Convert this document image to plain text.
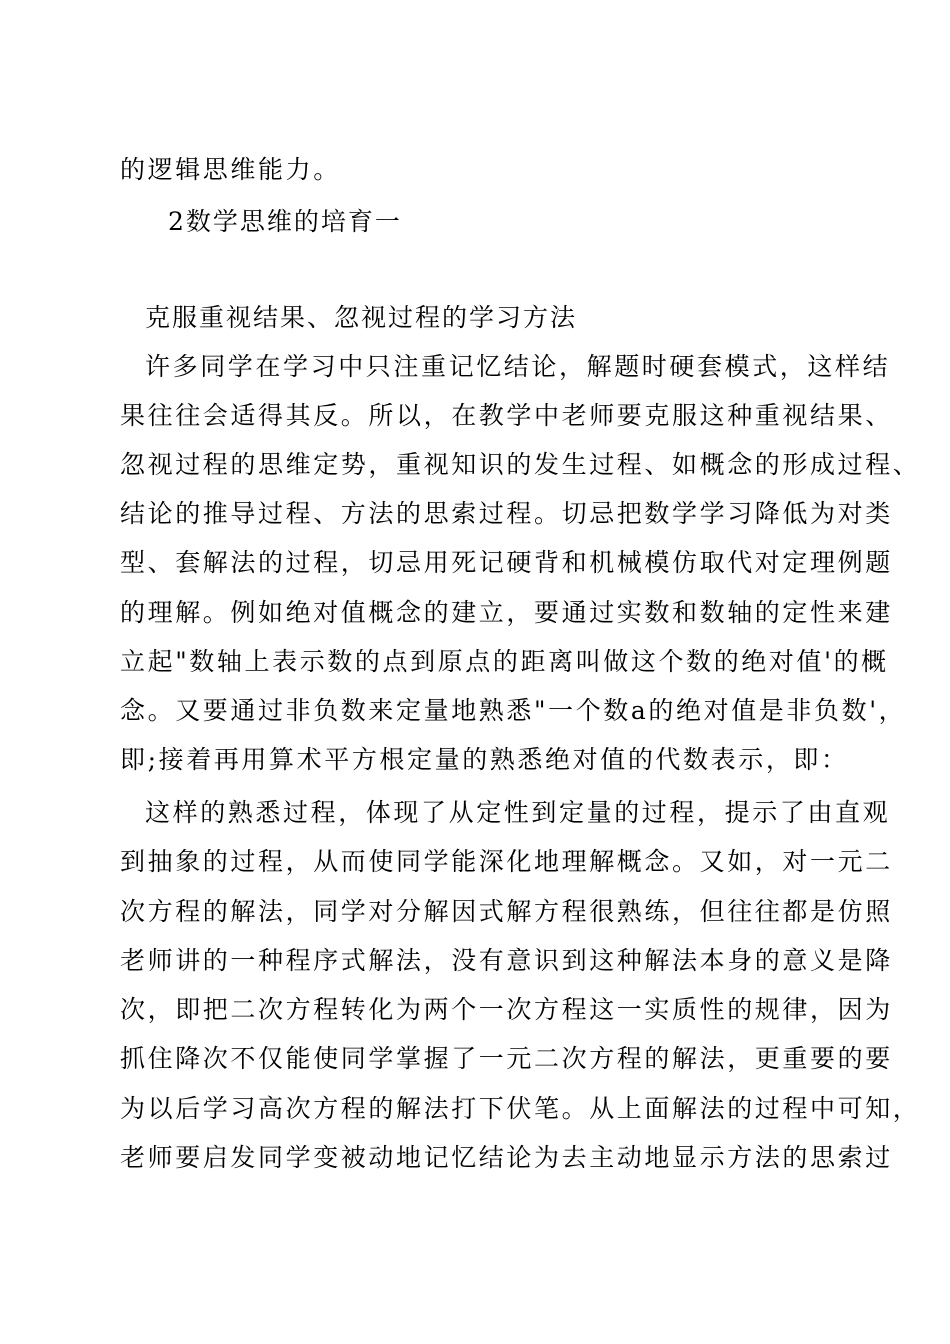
的逻辑思维能力。
2数学思维的培育一
克服重视结果、忽视过程的学习方法
许多同学在学习中只注重记忆结论，解题时硬套模式，这样结
果往往会适得其反。所以，在教学中老师要克服这种重视结果、
忽视过程的思维定势，重视知识的发生过程、如概念的形成过程、
结论的推导过程、方法的思索过程。切忌把数学学习降低为对类
型、套解法的过程，切忌用死记硬背和机械模仿取代对定理例题
的理解。例如绝对值概念的建立，要通过实数和数轴的定性来建
立起"数轴上表示数的点到原点的距离叫做这个数的绝对值'的概
念。又要通过非负数来定量地熟悉"一个数a的绝对值是非负数'，
即;接着再用算术平方根定量的熟悉绝对值的代数表示，即：
这样的熟悉过程，体现了从定性到定量的过程，提示了由直观
到抽象的过程，从而使同学能深化地理解概念。又如，对一元二
次方程的解法，同学对分解因式解方程很熟练，但往往都是仿照
老师讲的一种程序式解法，没有意识到这种解法本身的意义是降
次，即把二次方程转化为两个一次方程这一实质性的规律，因为
抓住降次不仅能使同学掌握了一元二次方程的解法，更重要的要
为以后学习高次方程的解法打下伏笔。从上面解法的过程中可知，
老师要启发同学变被动地记忆结论为去主动地显示方法的思索过
